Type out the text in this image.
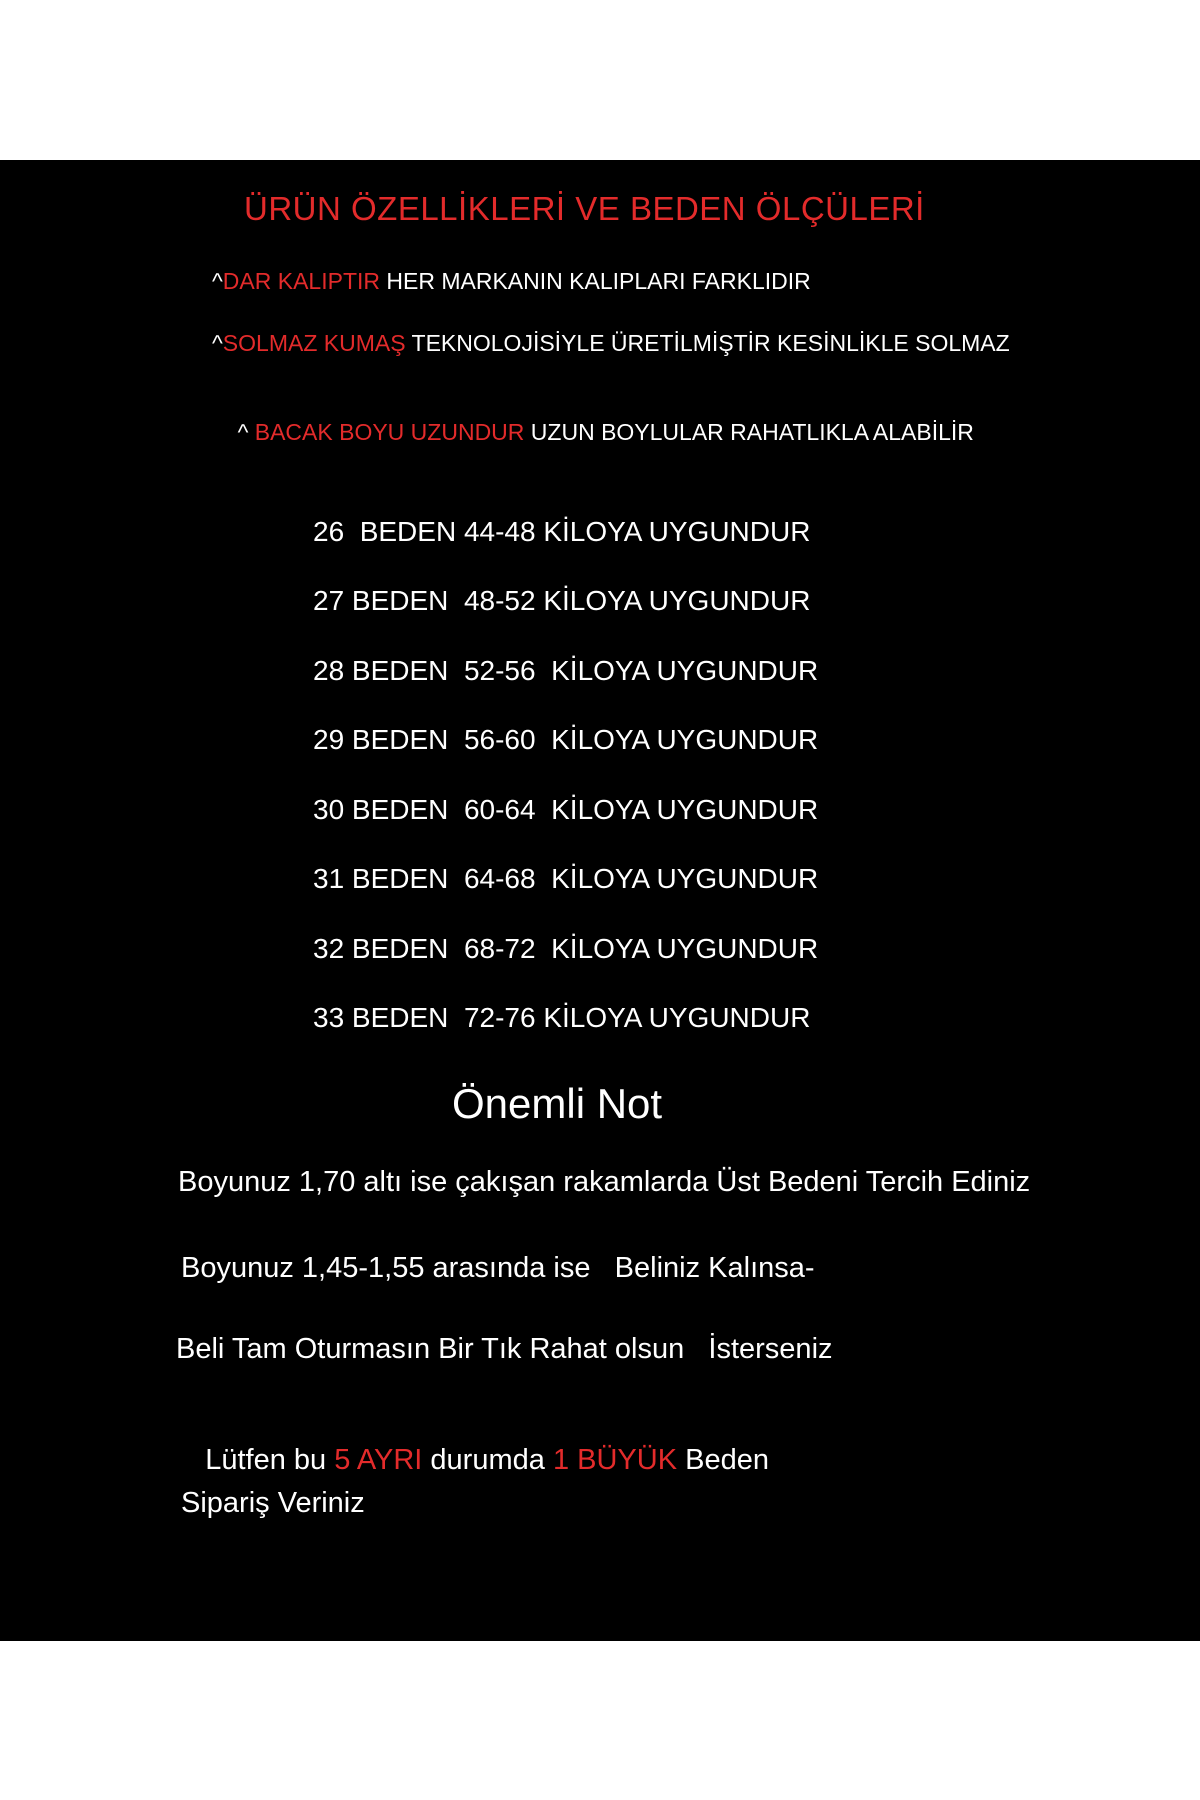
ÜRÜN ÖZELLİKLERİ VE BEDEN ÖLÇÜLERİ
^DAR KALIPTIR HER MARKANIN KALIPLARI FARKLIDIR
^SOLMAZ KUMAŞ TEKNOLOJİSİYLE ÜRETİLMİŞTİR KESİNLİKLE SOLMAZ

^ BACAK BOYU UZUNDUR UZUN BOYLULAR RAHATLIKLA ALABİLİR

26  BEDEN 44-48 KİLOYA UYGUNDUR
27 BEDEN  48-52 KİLOYA UYGUNDUR
28 BEDEN  52-56  KİLOYA UYGUNDUR
29 BEDEN  56-60  KİLOYA UYGUNDUR
30 BEDEN  60-64  KİLOYA UYGUNDUR
31 BEDEN  64-68  KİLOYA UYGUNDUR
32 BEDEN  68-72  KİLOYA UYGUNDUR
33 BEDEN  72-76 KİLOYA UYGUNDUR
Önemli Not
Boyunuz 1,70 altı ise çakışan rakamlarda Üst Bedeni Tercih Ediniz
Boyunuz 1,45-1,55 arasında ise   Beliniz Kalınsa-
Beli Tam Oturmasın Bir Tık Rahat olsun   İsterseniz

Lütfen bu 5 AYRI durumda 1 BÜYÜK Beden

Sipariş Veriniz
